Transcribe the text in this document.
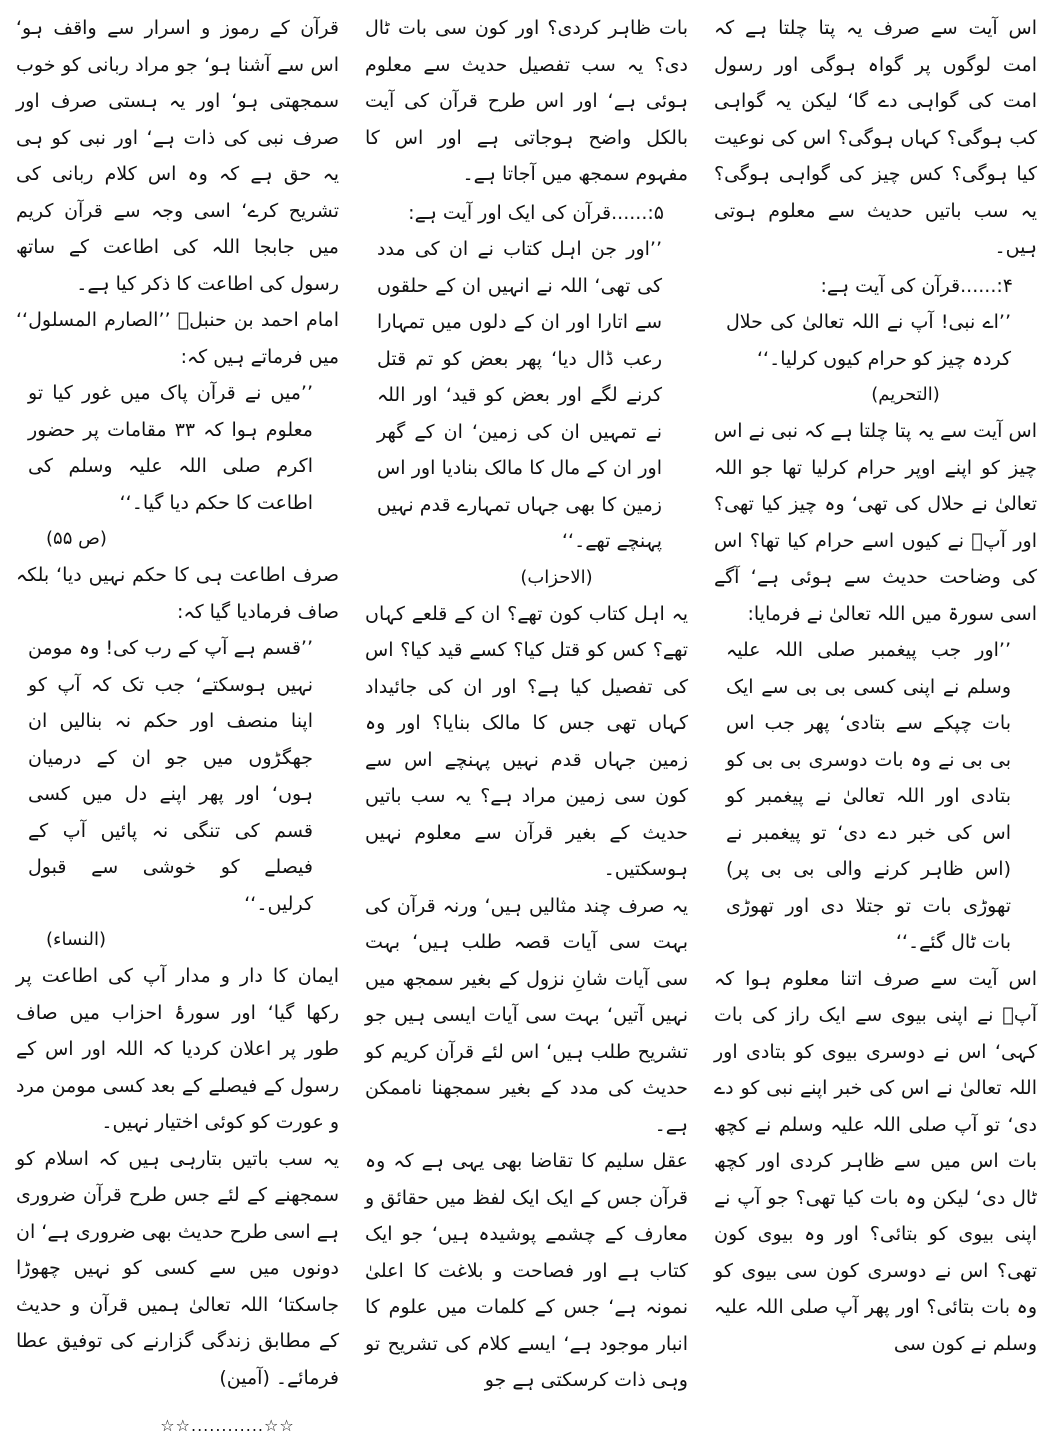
اس آیت سے صرف یہ پتا چلتا ہے کہ امت لوگوں پر گواہ ہوگی اور رسول امت کی گواہی دے گا‘ لیکن یہ گواہی کب ہوگی؟ کہاں ہوگی؟ اس کی نوعیت کیا ہوگی؟ کس چیز کی گواہی ہوگی؟ یہ سب باتیں حدیث سے معلوم ہوتی ہیں۔

۴:......قرآن کی آیت ہے:

’’اے نبی! آپ نے اللہ تعالیٰ کی حلال کردہ چیز کو حرام کیوں کرلیا۔‘‘

(التحریم)

اس آیت سے یہ پتا چلتا ہے کہ نبی نے اس چیز کو اپنے اوپر حرام کرلیا تھا جو اللہ تعالیٰ نے حلال کی تھی‘ وہ چیز کیا تھی؟ اور آپؐ نے کیوں اسے حرام کیا تھا؟ اس کی وضاحت حدیث سے ہوئی ہے‘ آگے اسی سورۃ میں اللہ تعالیٰ نے فرمایا:

’’اور جب پیغمبر صلی اللہ علیہ وسلم نے اپنی کسی بی بی سے ایک بات چپکے سے بتادی‘ پھر جب اس بی بی نے وہ بات دوسری بی بی کو بتادی اور اللہ تعالیٰ نے پیغمبر کو اس کی خبر دے دی‘ تو پیغمبر نے (اس ظاہر کرنے والی بی بی پر) تھوڑی بات تو جتلا دی اور تھوڑی بات ٹال گئے۔‘‘

اس آیت سے صرف اتنا معلوم ہوا کہ آپؐ نے اپنی بیوی سے ایک راز کی بات کہی‘ اس نے دوسری بیوی کو بتادی اور اللہ تعالیٰ نے اس کی خبر اپنے نبی کو دے دی‘ تو آپ صلی اللہ علیہ وسلم نے کچھ بات اس میں سے ظاہر کردی اور کچھ ٹال دی‘ لیکن وہ بات کیا تھی؟ جو آپ نے اپنی بیوی کو بتائی؟ اور وہ بیوی کون تھی؟ اس نے دوسری کون سی بیوی کو وہ بات بتائی؟ اور پھر آپ صلی اللہ علیہ وسلم نے کون سی

بات ظاہر کردی؟ اور کون سی بات ٹال دی؟ یہ سب تفصیل حدیث سے معلوم ہوئی ہے‘ اور اس طرح قرآن کی آیت بالکل واضح ہوجاتی ہے اور اس کا مفہوم سمجھ میں آجاتا ہے۔

۵:......قرآن کی ایک اور آیت ہے:

’’اور جن اہل کتاب نے ان کی مدد کی تھی‘ اللہ نے انہیں ان کے حلقوں سے اتارا اور ان کے دلوں میں تمہارا رعب ڈال دیا‘ پھر بعض کو تم قتل کرنے لگے اور بعض کو قید‘ اور اللہ نے تمہیں ان کی زمین‘ ان کے گھر اور ان کے مال کا مالک بنادیا اور اس زمین کا بھی جہاں تمہارے قدم نہیں پہنچے تھے۔‘‘

(الاحزاب)

یہ اہل کتاب کون تھے؟ ان کے قلعے کہاں تھے؟ کس کو قتل کیا؟ کسے قید کیا؟ اس کی تفصیل کیا ہے؟ اور ان کی جائیداد کہاں تھی جس کا مالک بنایا؟ اور وہ زمین جہاں قدم نہیں پہنچے اس سے کون سی زمین مراد ہے؟ یہ سب باتیں حدیث کے بغیر قرآن سے معلوم نہیں ہوسکتیں۔

یہ صرف چند مثالیں ہیں‘ ورنہ قرآن کی بہت سی آیات قصہ طلب ہیں‘ بہت سی آیات شانِ نزول کے بغیر سمجھ میں نہیں آتیں‘ بہت سی آیات ایسی ہیں جو تشریح طلب ہیں‘ اس لئے قرآن کریم کو حدیث کی مدد کے بغیر سمجھنا ناممکن ہے۔

عقل سلیم کا تقاضا بھی یہی ہے کہ وہ قرآن جس کے ایک ایک لفظ میں حقائق و معارف کے چشمے پوشیدہ ہیں‘ جو ایک کتاب ہے اور فصاحت و بلاغت کا اعلیٰ نمونہ ہے‘ جس کے کلمات میں علوم کا انبار موجود ہے‘ ایسے کلام کی تشریح تو وہی ذات کرسکتی ہے جو

قرآن کے رموز و اسرار سے واقف ہو‘ اس سے آشنا ہو‘ جو مراد ربانی کو خوب سمجھتی ہو‘ اور یہ ہستی صرف اور صرف نبی کی ذات ہے‘ اور نبی کو ہی یہ حق ہے کہ وہ اس کلام ربانی کی تشریح کرے‘ اسی وجہ سے قرآن کریم میں جابجا اللہ کی اطاعت کے ساتھ رسول کی اطاعت کا ذکر کیا ہے۔

امام احمد بن حنبلؒ ’’الصارم المسلول‘‘ میں فرماتے ہیں کہ:

’’میں نے قرآن پاک میں غور کیا تو معلوم ہوا کہ ۳۳ مقامات پر حضور اکرم صلی اللہ علیہ وسلم کی اطاعت کا حکم دیا گیا۔‘‘

(ص ۵۵)

صرف اطاعت ہی کا حکم نہیں دیا‘ بلکہ صاف فرمادیا گیا کہ:

’’قسم ہے آپ کے رب کی! وہ مومن نہیں ہوسکتے‘ جب تک کہ آپ کو اپنا منصف اور حکم نہ بنالیں ان جھگڑوں میں جو ان کے درمیان ہوں‘ اور پھر اپنے دل میں کسی قسم کی تنگی نہ پائیں آپ کے فیصلے کو خوشی سے قبول کرلیں۔‘‘

(النساء)

ایمان کا دار و مدار آپ کی اطاعت پر رکھا گیا‘ اور سورۂ احزاب میں صاف طور پر اعلان کردیا کہ اللہ اور اس کے رسول کے فیصلے کے بعد کسی مومن مرد و عورت کو کوئی اختیار نہیں۔

یہ سب باتیں بتارہی ہیں کہ اسلام کو سمجھنے کے لئے جس طرح قرآن ضروری ہے اسی طرح حدیث بھی ضروری ہے‘ ان دونوں میں سے کسی کو نہیں چھوڑا جاسکتا‘ اللہ تعالیٰ ہمیں قرآن و حدیث کے مطابق زندگی گزارنے کی توفیق عطا فرمائے۔ (آمین)

☆☆............☆☆
